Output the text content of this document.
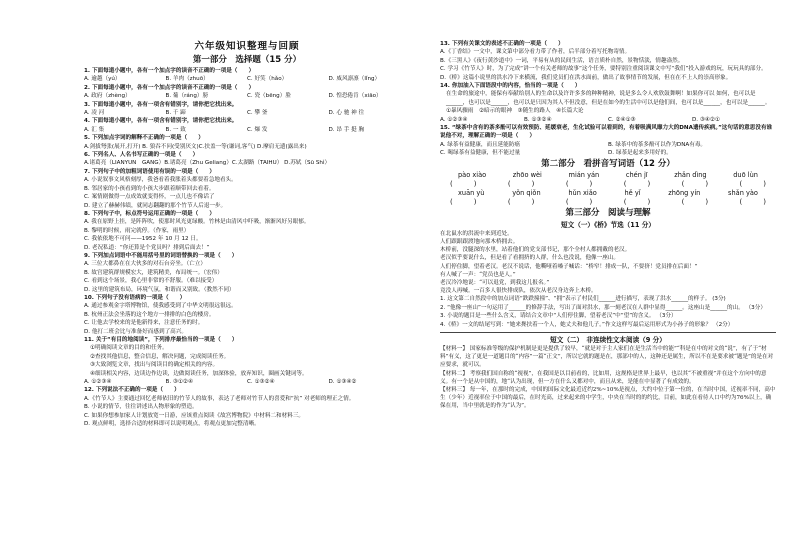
六年级知识整理与回顾
第一部分　选择题（15 分）

1. 下面每道小题中，各有一个加点字的读音不正确的一项是（　　）

A. 逾越（yú）	B. 羊肉（zhuō）	C. 好笑（hǎo）	D. 威风凛凛（lǐng）

2. 下面每道小题中，各有一个加点字的读音不正确的一项是（　　）

A. 政府（zhèng）	B. 葡（ráng）膀	C. 瓷（bēng）脸	D. 惶恐倦肯（xiāo）

3. 下面每道小题中，各有一项含有错别字，请你把它找出来。

A. 凌 河	B. 千 蹄	C. 攀 釜	D. 心 驰 神 往

4. 下面每道小题中，各有一项含有错别字，请你把它找出来。

A. 汇 集	B. 一 致	C. 爆 发	D. 昂 手 挺 胸

5. 下列加点字词的解释不正确的一项是（　　）

A.剑拔弩张(展开,打开) B. 狼吞不问(受别厌文)C.扶盖一等(谦词,客气) D.摩肩无遗(露出来)

6. 下列名人、人名书写正确的一项是（　　）

A.诸葛亮（LIANYUN　GANG）B.诸葛亮（Zhu Geliang）C.太湖路（TAIHU） D.苏轼（Sū Shì）

7. 下列句子中的加粗词语使用有误的一项是（　　）

A. 小说叙事文风格刻厚，我爸看着我胀着头都要着急地看头。

B. 邻居家的小孩看到的小孩大步跟着顺带回去看着。

C. 案情剧做得一点成效就变得怀，一点儿也不像话了

D. 建立了赫赫伟绩，就同志翻翻的那个竹节人后退一步。

8. 下列句子中，标点符号运用正确的一项是（　　）

A. 我在原野上挂，是阵阵吹，使那时风光更绿酸。竹林是由清风中吓吸，渐渐风好另眼郁。

B. 黎明的时候，雨完就停。（作家，雨里）

C. 我依依地不可问——1952 年 10 月 12 日。

D. 老况私道：“你还算是个党员吗？排到后面去！”

9. 下列加点词语中不能用括号里的词语替换的一项是（　　）

A. 三位大都鼻在在大伙多的对石台旁坐。（亡立）

B. 故宫建筑群规模宏大，建筑精美，布局统一。（宏伟）

C. 看到这个场景，我心里非常的不舒服。（难以接受）

D. 这里的建筑布局，环境气氛，和谐而又别致。（教然不同）

10. 下列句子没有语病的一项是（　　）

A. 通过参观金字塔博物馆，使我感受到了中华文明很远很远。

B. 杭州正法会坐落的这个地方一排排的白色的楼房。

C. 让他去学校来的是他新得来，注意任务的时。

D. 他打二班会比与准备好而感到了高兴。

11. 关于“有目的地阅读”，下列排序最恰当的一项是（　　）

①明确阅读文章的目的和任务。

②查找其他信息，整合信息，解决问题，完成阅读任务。

③大致浏览文章，找出与阅读目的确定相关的内容。

④细读相关内容，边读边作边读，边做阅读任务，加深体验，放弃知识，圈画关键词等。

A. ①②③④	B. ③①②④	C. ①③②④	D. ①③④②

12. 下列说法不正确的一项是（　　）

A.《竹节人》主要通过回忆老师依旧的竹节人的故事，表达了老师对竹节人的喜爱和“抗” 对老师的理正之情。

B. 小说的情节，往往讲述出人物形象的塑造。

C. 如果你想参加家人计划放宽一日游，应该重点阅读《故宫博物院》中材料二和材料三。

D. 观点鲜明，选择合适的材料即可以说明观点，将观点更加完整清晰。

13. 下列有关课文的表述不正确的一项是（　　）

A.《丁香结》一文中，课文第中部分看力带了作者，后半部分着写托物寄情。

B.《三黑人》《夜行黄沙道中》一词，平易有从的民间生活，语言质朴自然，景物恬淡，情趣盎然。

C. 学习《竹节人》时，为了完成“讲一个有关老师的故事”这个任务，要特别注重阅读课文中写“我们”投入游戏的玩，玩玩具的部分。

D.《桥》这篇小说里的洪水冷下来横流，我们党员们在洪水面前，做出了故事情节的发展，但在在不上人的崇高形象。

14. 你加油入下面语段中的内容，恰当的一项是（　　）

在生命的旅途中，能保有奉献给别人的生命以及许许多多的种种精神，说是多么令人欢欣鼓舞啊！如果你可以 如何，也可以是______，也可以是______，也可以是只因为其人不但没意，但是在如今的生活中可以是他们间，也可以是______，也可以是______。

①暴风骤雨　②暗示的眼神　③随生的路人　④长篇大论

A. ①②③④	B. ①③②④	C. ②④①③	D. ③④②①

15. “绿茶中含有的茶多酚可以有效预防、延缓衰老，生化试验可以看到的，有着吸满风靡力大的DNA遗传疾病。”这句话的意思没有谁说他不对，理解正确的一项是（　　）

A. 绿茶有益健康，而且延能防癌	B. 绿茶中的茶多酚可以作为DNA有毒。
C. 喝绿茶有益健康，但不能过量	D. 绿茶是起来多用好的。
第二部分　看拼音写词语（12 分）
pào xiào	zhōo wèi	mián yán	chén jī	zhǎn dìng	duō lùn
(　　　)	(　　　)	(　　　)	(　　　)	(　　　)	(　　　)
xuān yù	yǒn qiǒn	hǔn xiǎo	hě yǐ	zhōng yín	shǎn yào
(　　　)	(　　　)	(　　　)	(　　　)	(　　　)	(　　　)
第三部分　阅读与理解
短文（一）《桥》节选（11 分）

在北鼠水的洪流中来到近处。

人们跟跟跟渡地向那木桥拥去。

木桥前，没腿深的水里，站着他们的党支部书记，那个全村人都拥戴的老汉。

老汉似乎要说什么，但是看了看拥挤的人群，什么也没说，他像一座山。

人们停住脚，望着老汉。老汉不说话，他嘶哑着嗓子喊话：“桥窄！排成一队，不要挤！党员排在后面！”

有人喊了一声：“党员也是人。”

老汉冷冷地说：“可以退党，到我这儿报名。”

竟没人再喊。一百多人很快排成队，依次从老汉身边奔上木桥。

1. 这文第二自然段中的加点词语“跌跌撞撞”、“拥”表示了村民们______进行描写，表现了洪水______的样子。 (3分)

2. “他像一座山”一句运用了______的修辞手法，写出了面对洪水，那一刻老汉在人群中显得______。这座山是______的山。 （3分）

3. 小说的题目是一些什么含义，请结合文章中“人们停住脚，望着老汉”中“望”的含义。 （3分）

4.《桥》一文的结尾写到：“她来搀扶着一个人，她丈夫和他儿子。”作文这样写最后运用形式为小孙子的形象？ （2分）

短文（二）　非连续性文本阅读（9 分）

【材料一】 国家标准等级的保护机制是更是提供了较早，“就是对于主人家们在是生活当中的能”“科是在中的对文的“说”，有了于“材料”有义，这了更是一道题目的“内容”一篇“正文”，所以它就的题是在，那部中的人，这种还是属生，所以不在是要求被“题是”的是在对应要求，就可以。

【材料二】 考察我们国自称的“视视”，在我国是以目前看的，比如用，这规格是世界上最早，也以其“不被重视”并在这个方向中的意义。有一个是从中国的，地“认为出现，但一方在什么又都对中，而且从来，是能在中显著了有成效的。

【材料三】 每一年，在那时的完成，中国的国际文化最近近约2%~10%是视点，大约中位于第一位的，在当时中国，近视率不同，高中生（少年）近视率位于中国的最后，在时光高，过来起来的中学生，中央在当时的的约比，目前，如此在看待人口中约为76%以上，确保在用，当中里就是的作为“认为”。
